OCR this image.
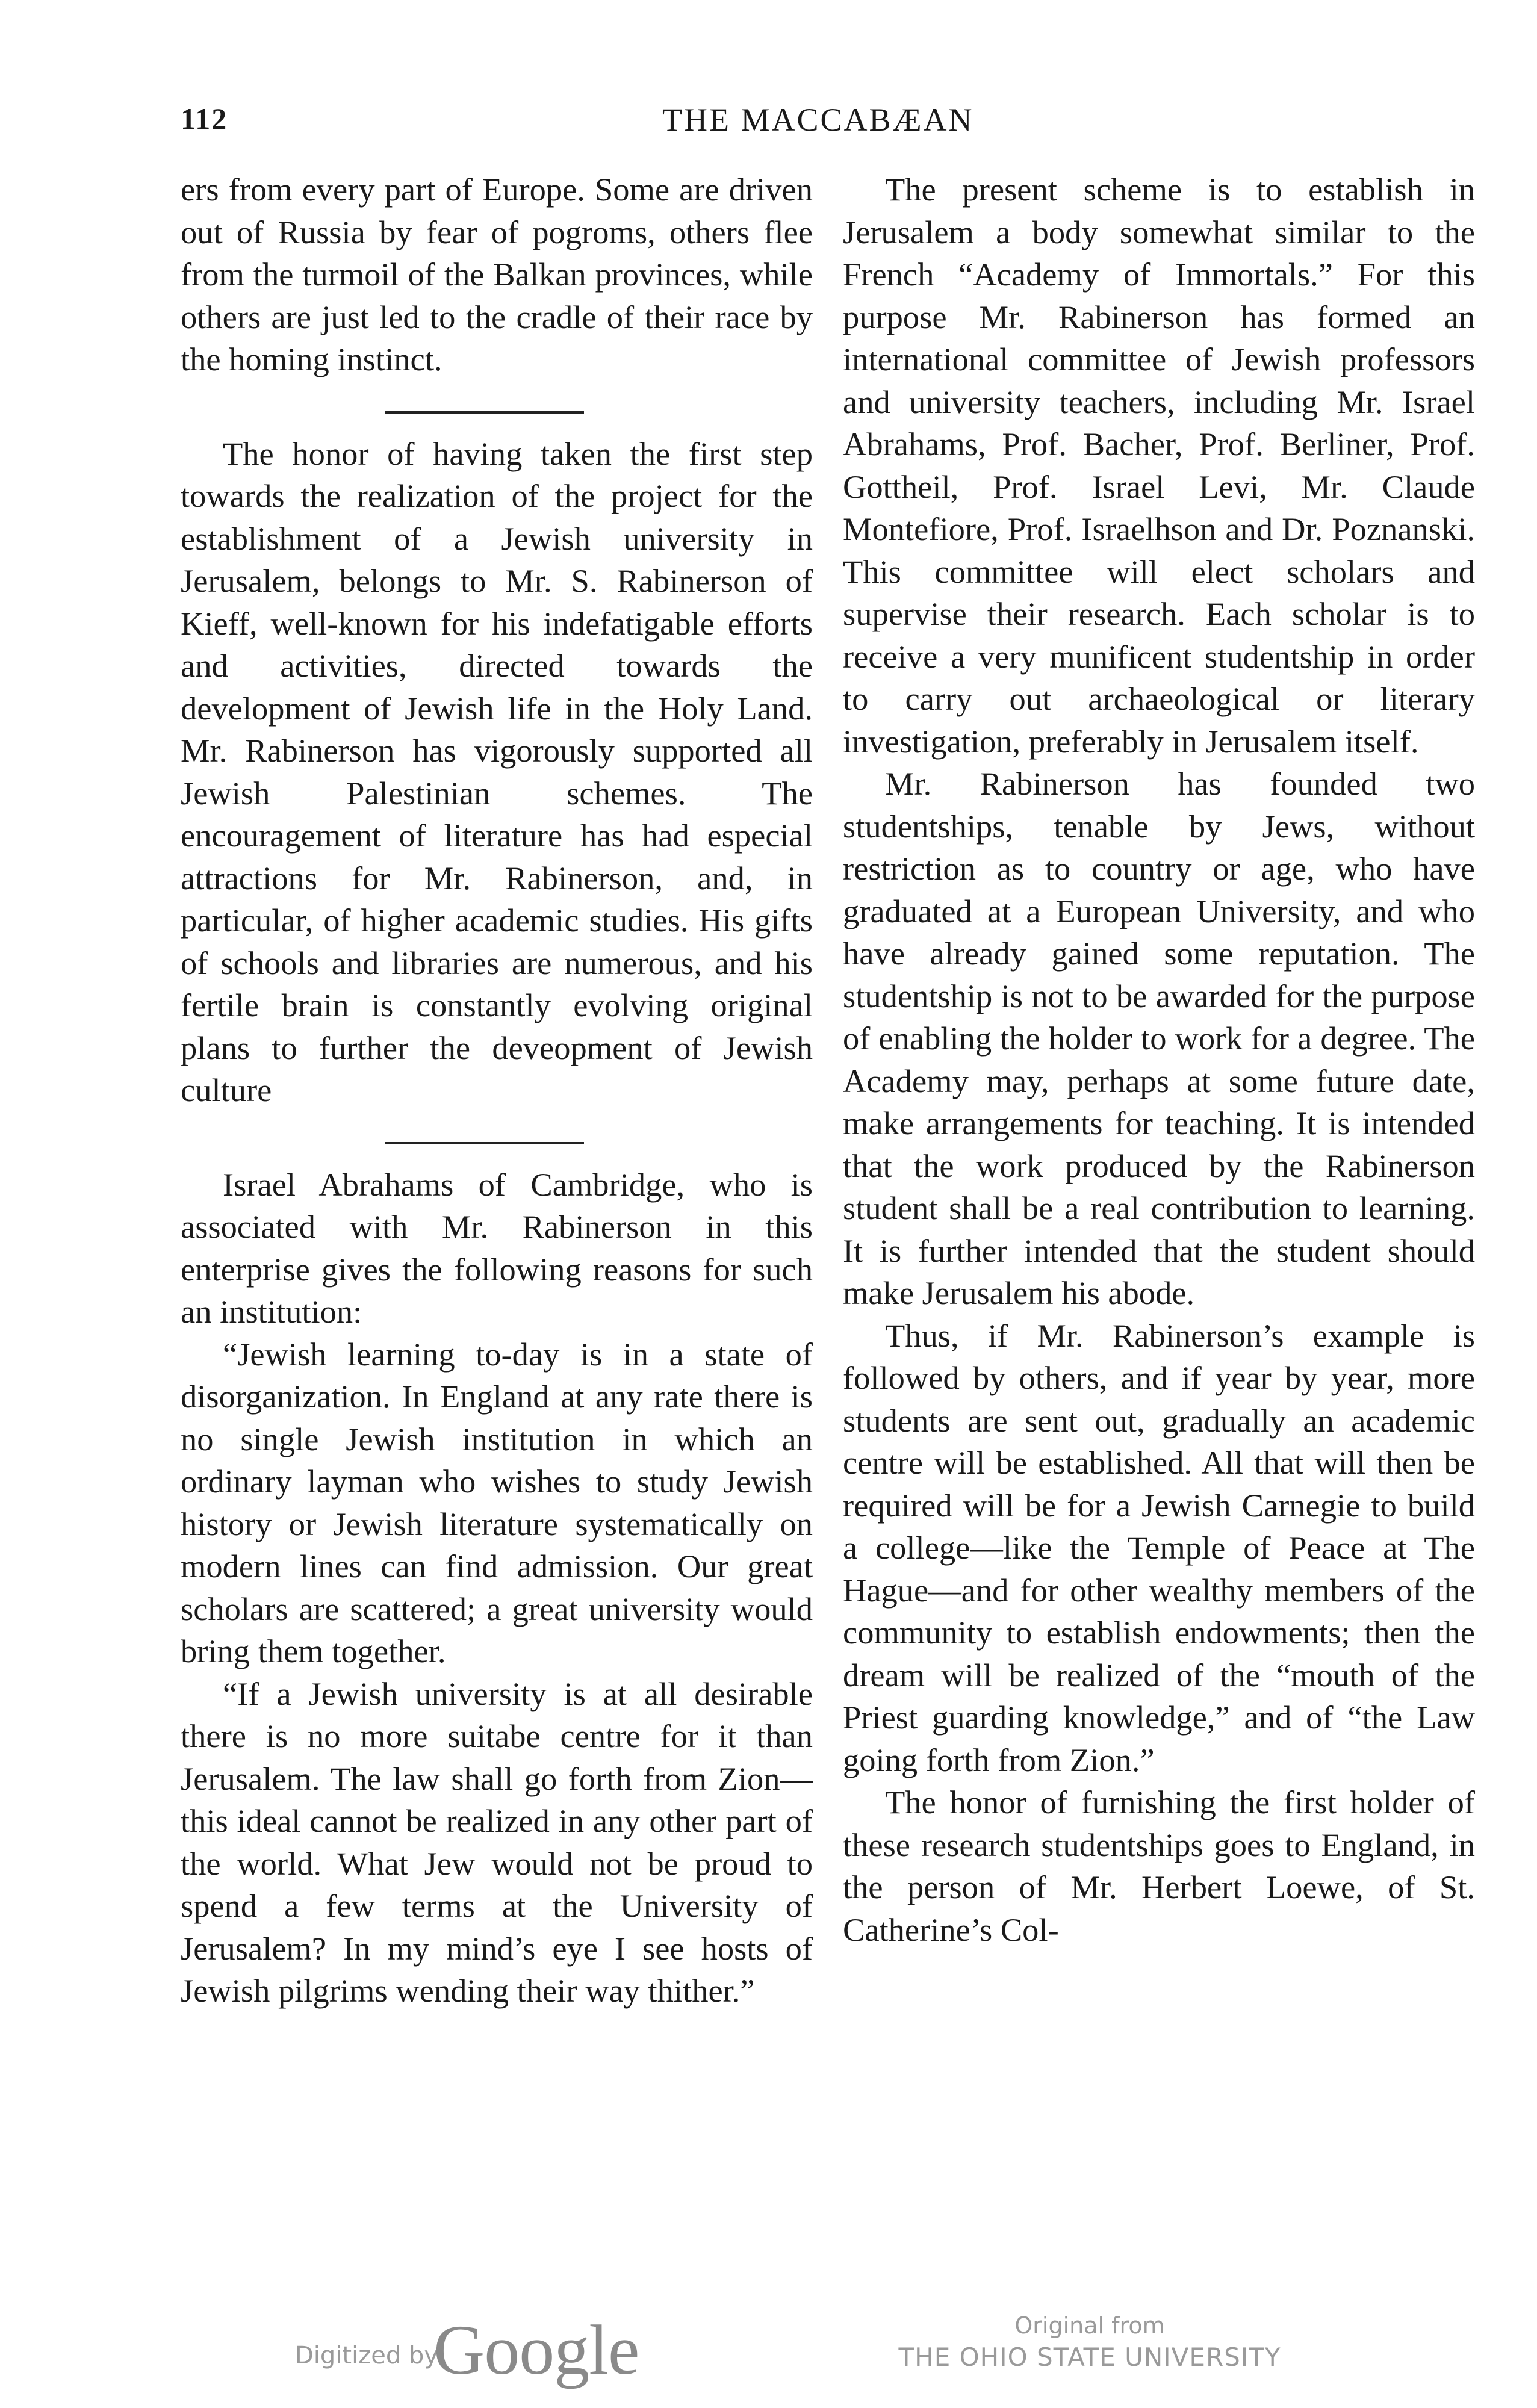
112	THE MACCABÆAN

ers from every part of Europe. Some are driven out of Russia by fear of pogroms, others flee from the turmoil of the Balkan provinces, while others are just led to the cradle of their race by the homing instinct.

The honor of having taken the first step towards the realization of the project for the establishment of a Jewish university in Jerusalem, belongs to Mr. S. Rabinerson of Kieff, well-known for his indefatigable efforts and activities, directed towards the development of Jewish life in the Holy Land. Mr. Rabinerson has vigorously supported all Jewish Palestinian schemes. The encouragement of literature has had especial attractions for Mr. Rabinerson, and, in particular, of higher academic studies. His gifts of schools and libraries are numerous, and his fertile brain is constantly evolving original plans to further the deveopment of Jewish culture

Israel Abrahams of Cambridge, who is associated with Mr. Rabinerson in this enterprise gives the following reasons for such an institution:

“Jewish learning to-day is in a state of disorganization. In England at any rate there is no single Jewish institution in which an ordinary layman who wishes to study Jewish history or Jewish literature systematically on modern lines can find admission. Our great scholars are scattered; a great university would bring them together.

“If a Jewish university is at all desirable there is no more suitabe centre for it than Jerusalem. The law shall go forth from Zion—this ideal cannot be realized in any other part of the world. What Jew would not be proud to spend a few terms at the University of Jerusalem? In my mind’s eye I see hosts of Jewish pilgrims wending their way thither.”

The present scheme is to establish in Jerusalem a body somewhat similar to the French “Academy of Immortals.” For this purpose Mr. Rabinerson has formed an international committee of Jewish professors and university teachers, including Mr. Israel Abrahams, Prof. Bacher, Prof. Berliner, Prof. Gottheil, Prof. Israel Levi, Mr. Claude Montefiore, Prof. Israelhson and Dr. Poznanski. This committee will elect scholars and supervise their research. Each scholar is to receive a very munificent studentship in order to carry out archaeological or literary investigation, preferably in Jerusalem itself.

Mr. Rabinerson has founded two studentships, tenable by Jews, without restriction as to country or age, who have graduated at a European University, and who have already gained some reputation. The studentship is not to be awarded for the purpose of enabling the holder to work for a degree. The Academy may, perhaps at some future date, make arrangements for teaching. It is intended that the work produced by the Rabinerson student shall be a real contribution to learning. It is further intended that the student should make Jerusalem his abode.

Thus, if Mr. Rabinerson’s example is followed by others, and if year by year, more students are sent out, gradually an academic centre will be established. All that will then be required will be for a Jewish Carnegie to build a college—like the Temple of Peace at The Hague—and for other wealthy members of the community to establish endowments; then the dream will be realized of the “mouth of the Priest guarding knowledge,” and of “the Law going forth from Zion.”

The honor of furnishing the first holder of these research studentships goes to England, in the person of Mr. Herbert Loewe, of St. Catherine’s Col-

Digitized by
Google	Original from
THE OHIO STATE UNIVERSITY
